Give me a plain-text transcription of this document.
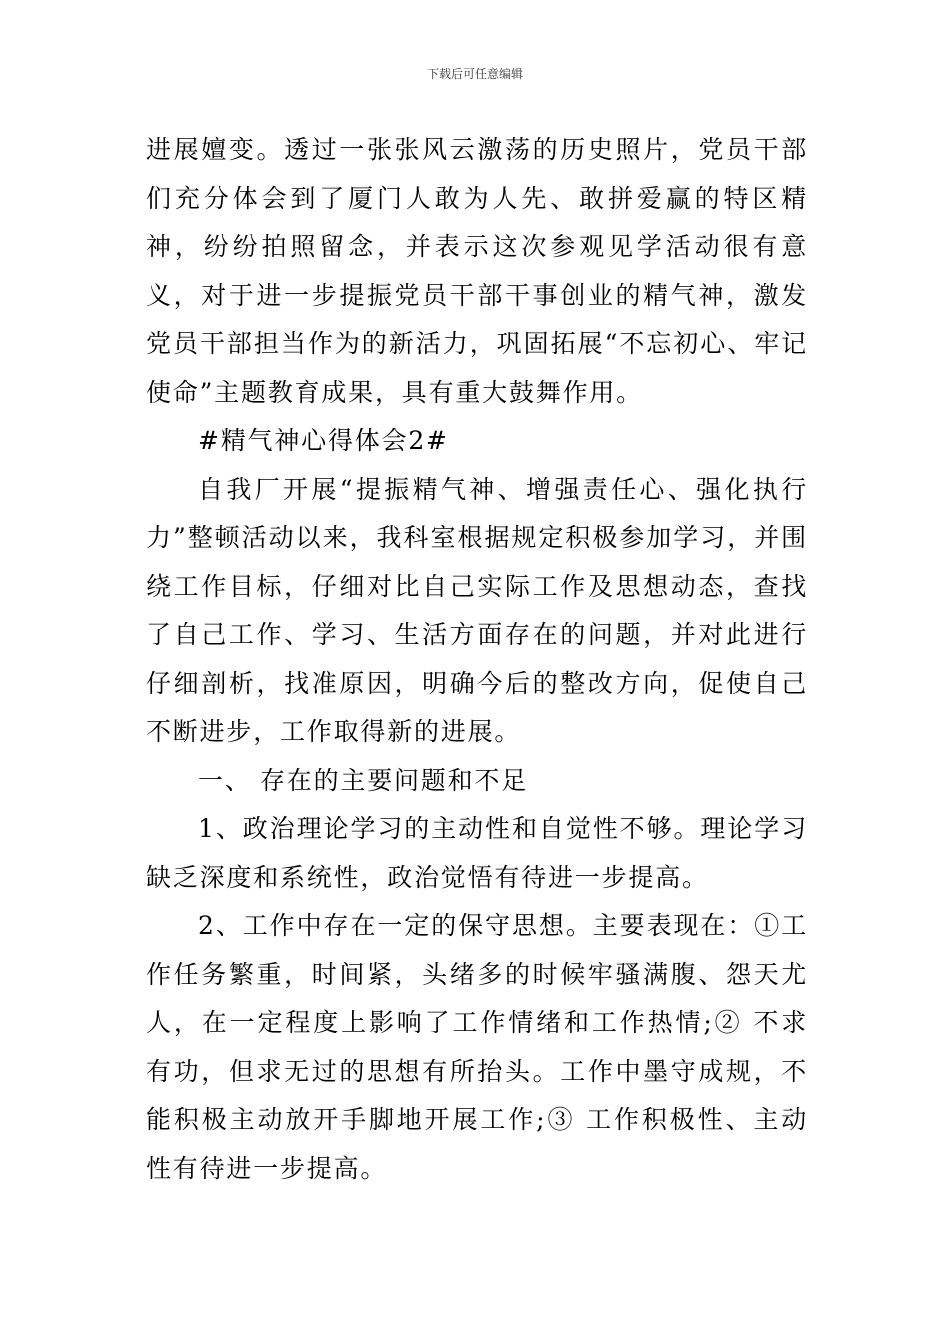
下载后可任意编辑

进展嬗变。透过一张张风云激荡的历史照片，党员干部们充分体会到了厦门人敢为人先、敢拼爱赢的特区精神，纷纷拍照留念，并表示这次参观见学活动很有意义，对于进一步提振党员干部干事创业的精气神，激发党员干部担当作为的新活力，巩固拓展“不忘初心、牢记使命”主题教育成果，具有重大鼓舞作用。

#精气神心得体会2#

自我厂开展“提振精气神、增强责任心、强化执行力”整顿活动以来，我科室根据规定积极参加学习，并围绕工作目标，仔细对比自己实际工作及思想动态，查找了自己工作、学习、生活方面存在的问题，并对此进行仔细剖析，找准原因，明确今后的整改方向，促使自己不断进步，工作取得新的进展。

一、 存在的主要问题和不足

1、政治理论学习的主动性和自觉性不够。理论学习缺乏深度和系统性，政治觉悟有待进一步提高。

2、工作中存在一定的保守思想。主要表现在：①工作任务繁重，时间紧，头绪多的时候牢骚满腹、怨天尤人，在一定程度上影响了工作情绪和工作热情;② 不求有功，但求无过的思想有所抬头。工作中墨守成规，不能积极主动放开手脚地开展工作;③ 工作积极性、主动性有待进一步提高。
